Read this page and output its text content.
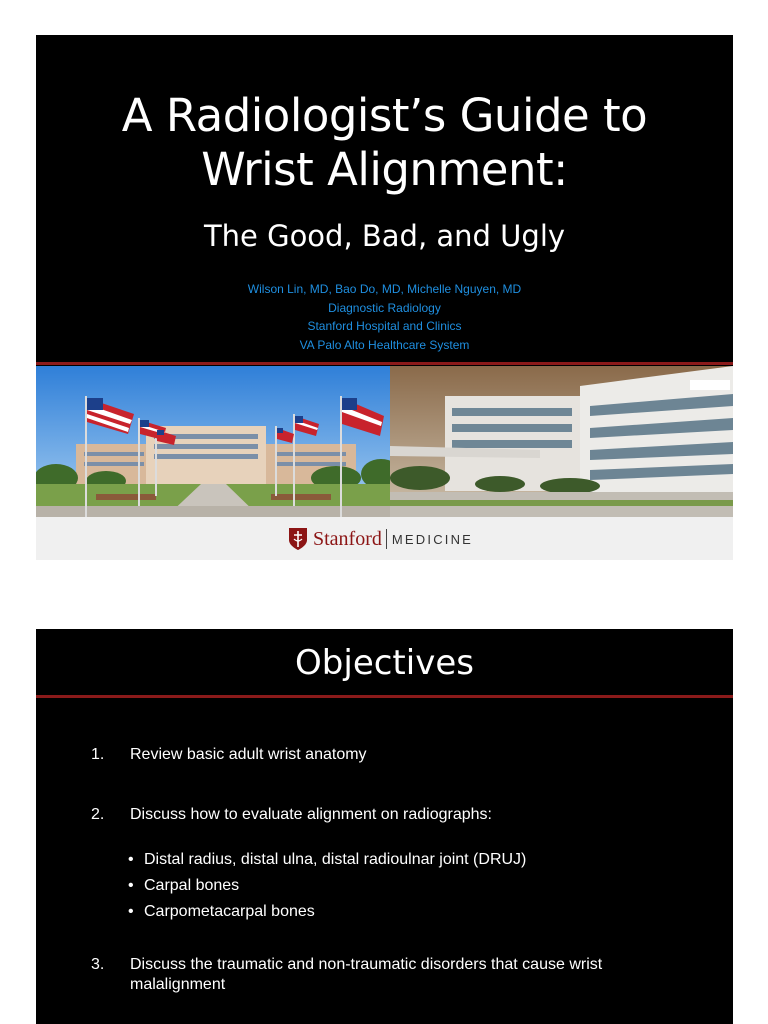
A Radiologist’s Guide to
Wrist Alignment:
The Good, Bad, and Ugly
Wilson Lin, MD, Bao Do, MD, Michelle Nguyen, MD
Diagnostic Radiology
Stanford Hospital and Clinics
VA Palo Alto Healthcare System
Stanford MEDICINE
Objectives
1. Review basic adult wrist anatomy
2. Discuss how to evaluate alignment on radiographs:
• Distal radius, distal ulna, distal radioulnar joint (DRUJ)
• Carpal bones
• Carpometacarpal bones
3. Discuss the traumatic and non-traumatic disorders that cause wrist malalignment
